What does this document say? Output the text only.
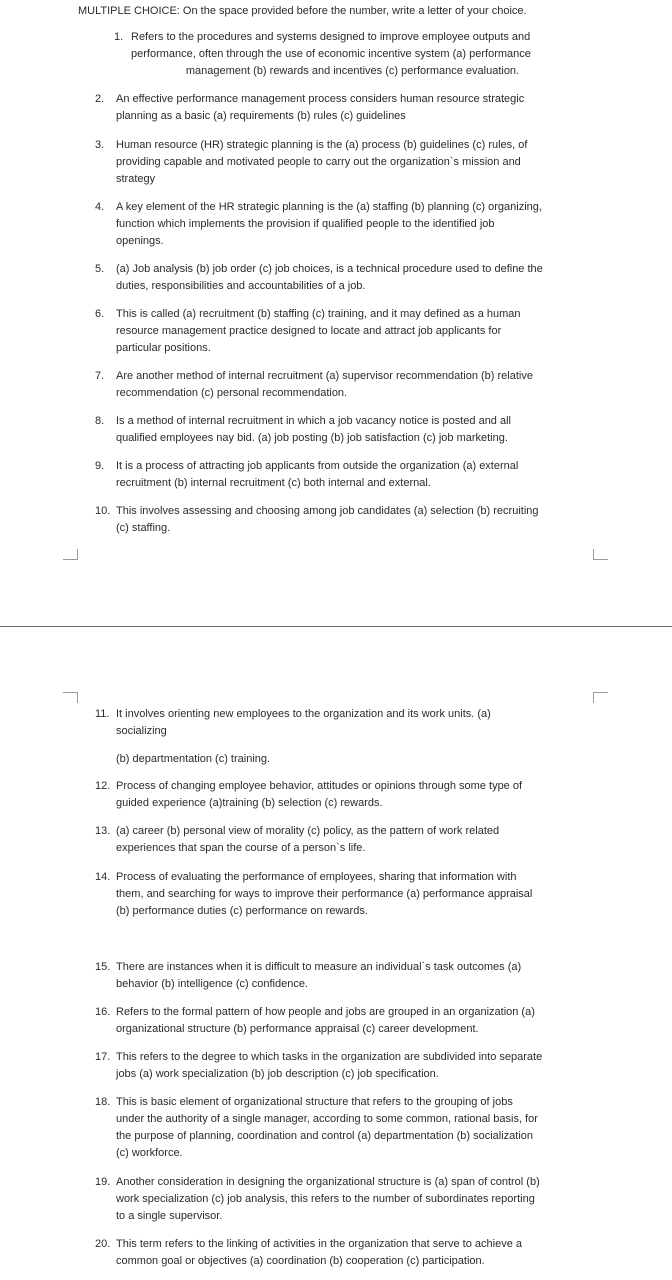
MULTIPLE CHOICE: On the space provided before the number, write a letter of your choice.
1. Refers to the procedures and systems designed to improve employee outputs and
performance, often through the use of economic incentive system (a) performance
management (b) rewards and incentives (c) performance evaluation.
2. An effective performance management process considers human resource strategic
planning as a basic (a) requirements (b) rules (c) guidelines
3. Human resource (HR) strategic planning is the (a) process (b) guidelines (c) rules, of
providing capable and motivated people to carry out the organization`s mission and
strategy
4. A key element of the HR strategic planning is the (a) staffing (b) planning (c) organizing,
function which implements the provision if qualified people to the identified job
openings.
5. (a) Job analysis (b) job order (c) job choices, is a technical procedure used to define the
duties, responsibilities and accountabilities of a job.
6. This is called (a) recruitment (b) staffing (c) training, and it may defined as a human
resource management practice designed to locate and attract job applicants for
particular positions.
7. Are another method of internal recruitment (a) supervisor recommendation (b) relative
recommendation (c) personal recommendation.
8. Is a method of internal recruitment in which a job vacancy notice is posted and all
qualified employees nay bid. (a) job posting (b) job satisfaction (c) job marketing.
9. It is a process of attracting job applicants from outside the organization (a) external
recruitment (b) internal recruitment (c) both internal and external.
10. This involves assessing and choosing among job candidates (a) selection (b) recruiting
(c) staffing.
11. It involves orienting new employees to the organization and its work units. (a)
socializing
(b) departmentation (c) training.
12. Process of changing employee behavior, attitudes or opinions through some type of
guided experience (a)training (b) selection (c) rewards.
13. (a) career (b) personal view of morality (c) policy, as the pattern of work related
experiences that span the course of a person`s life.
14. Process of evaluating the performance of employees, sharing that information with
them, and searching for ways to improve their performance (a) performance appraisal
(b) performance duties (c) performance on rewards.
15. There are instances when it is difficult to measure an individual`s task outcomes (a)
behavior (b) intelligence (c) confidence.
16. Refers to the formal pattern of how people and jobs are grouped in an organization (a)
organizational structure (b) performance appraisal (c) career development.
17. This refers to the degree to which tasks in the organization are subdivided into separate
jobs (a) work specialization (b) job description (c) job specification.
18. This is basic element of organizational structure that refers to the grouping of jobs
under the authority of a single manager, according to some common, rational basis, for
the purpose of planning, coordination and control (a) departmentation (b) socialization
(c) workforce.
19. Another consideration in designing the organizational structure is (a) span of control (b)
work specialization (c) job analysis, this refers to the number of subordinates reporting
to a single supervisor.
20. This term refers to the linking of activities in the organization that serve to achieve a
common goal or objectives (a) coordination (b) cooperation (c) participation.
